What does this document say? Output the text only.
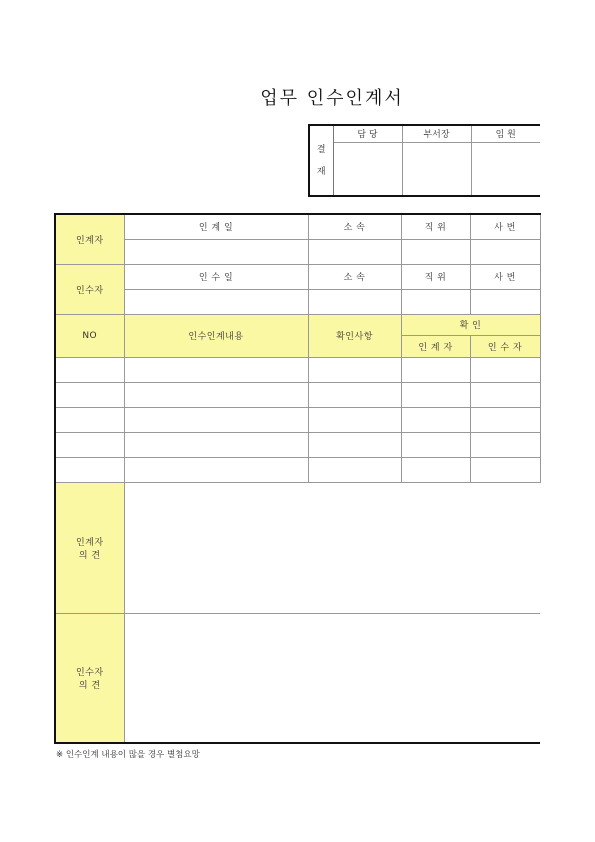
업무 인수인계서
결
재	담 당	부서장	임 원

인계자	인 계 일	소 속	직 위	사 번

인수자	인 수 일	소 속	직 위	사 번

NO	인수인계내용	확인사항	확 인	
			인 계 자	인 수 자

인계자
의 견				
인수자
의 견				
※ 인수인계 내용이 많을 경우 별첨요망
